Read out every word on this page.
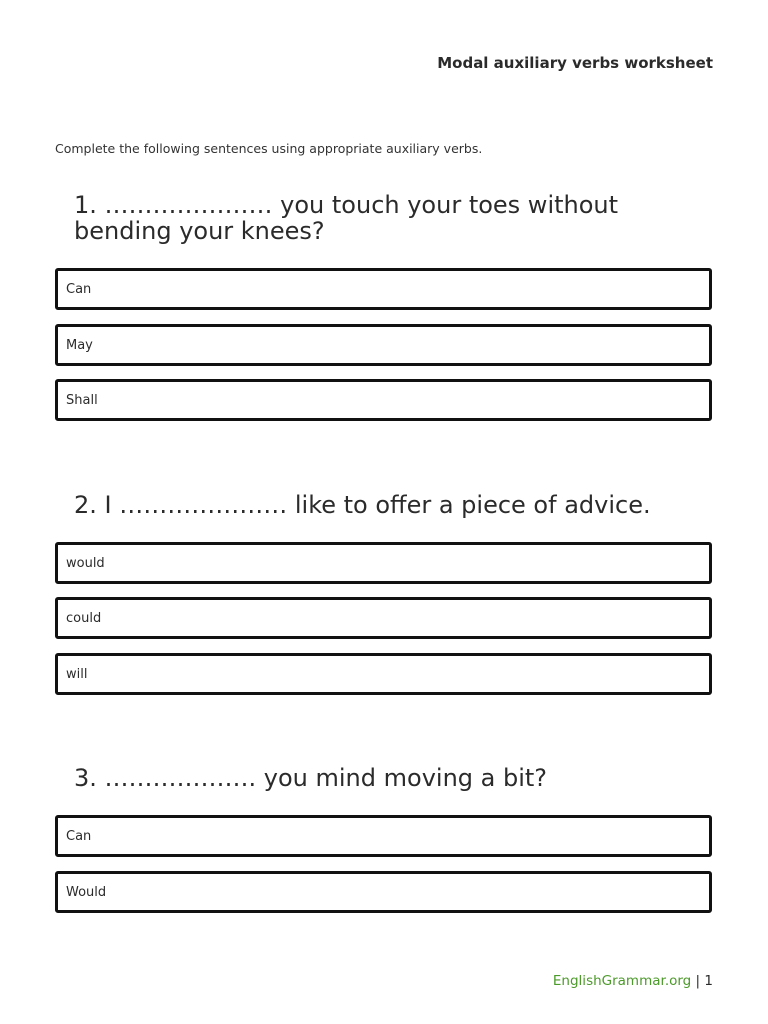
Modal auxiliary verbs worksheet
Complete the following sentences using appropriate auxiliary verbs.
1. ………………… you touch your toes without bending your knees?
Can
May
Shall
2. I ………………… like to offer a piece of advice.
would
could
will
3. ………………. you mind moving a bit?
Can
Would
EnglishGrammar.org | 1
